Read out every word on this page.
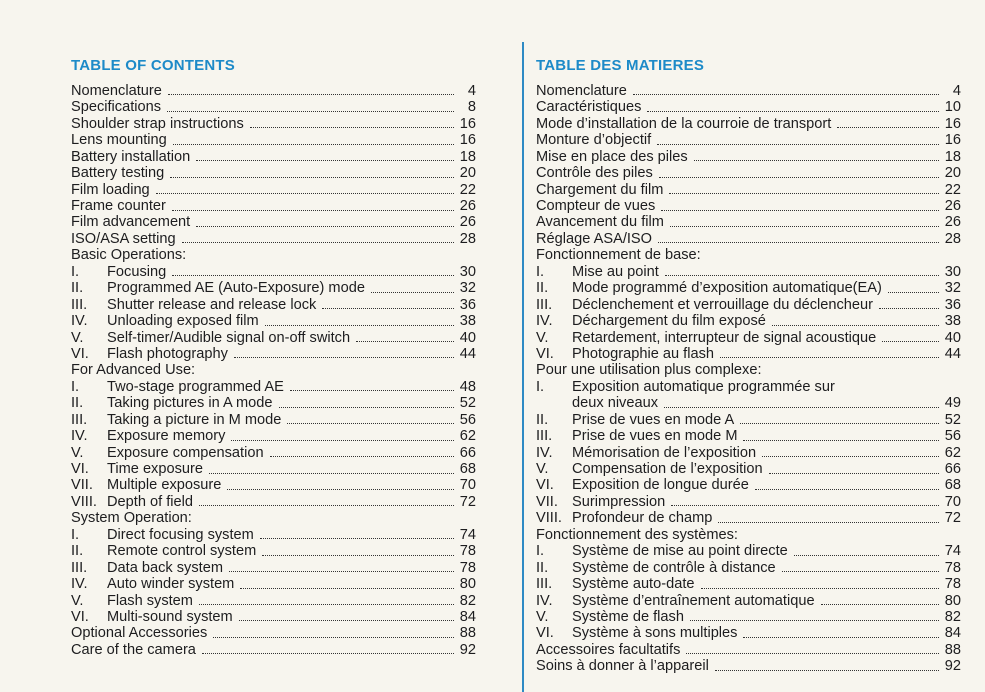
TABLE OF CONTENTS
Nomenclature	4
Specifications	8
Shoulder strap instructions	16
Lens mounting	16
Battery installation	18
Battery testing	20
Film loading	22
Frame counter	26
Film advancement	26
ISO/ASA setting	28
Basic Operations:
I.	Focusing	30
II.	Programmed AE (Auto-Exposure) mode	32
III.	Shutter release and release lock	36
IV.	Unloading exposed film	38
V.	Self-timer/Audible signal on-off switch	40
VI.	Flash photography	44
For Advanced Use:
I.	Two-stage programmed AE	48
II.	Taking pictures in A mode	52
III.	Taking a picture in M mode	56
IV.	Exposure memory	62
V.	Exposure compensation	66
VI.	Time exposure	68
VII. Multiple exposure	70
VIII. Depth of field	72
System Operation:
I.	Direct focusing system	74
II.	Remote control system	78
III.	Data back system	78
IV.	Auto winder system	80
V.	Flash system	82
VI.	Multi-sound system	84
Optional Accessories	88
Care of the camera	92
TABLE DES MATIERES
Nomenclature	4
Caractéristiques	10
Mode d’installation de la courroie de transport	16
Monture d’objectif	16
Mise en place des piles	18
Contrôle des piles	20
Chargement du film	22
Compteur de vues	26
Avancement du film	26
Réglage ASA/ISO	28
Fonctionnement de base:
I.	Mise au point	30
II.	Mode programmé d’exposition automatique(EA)	32
III.	Déclenchement et verrouillage du déclencheur	36
IV.	Déchargement du film exposé	38
V.	Retardement, interrupteur de signal acoustique	40
VI.	Photographie au flash	44
Pour une utilisation plus complexe:
I.	Exposition automatique programmée sur
deux niveaux	49
II.	Prise de vues en mode A	52
III.	Prise de vues en mode M	56
IV.	Mémorisation de l’exposition	62
V.	Compensation de l’exposition	66
VI.	Exposition de longue durée	68
VII. Surimpression	70
VIII. Profondeur de champ	72
Fonctionnement des systèmes:
I.	Système de mise au point directe	74
II.	Système de contrôle à distance	78
III.	Système auto-date	78
IV.	Système d’entraînement automatique	80
V.	Système de flash	82
VI.	Système à sons multiples	84
Accessoires facultatifs	88
Soins à donner à l’appareil	92
